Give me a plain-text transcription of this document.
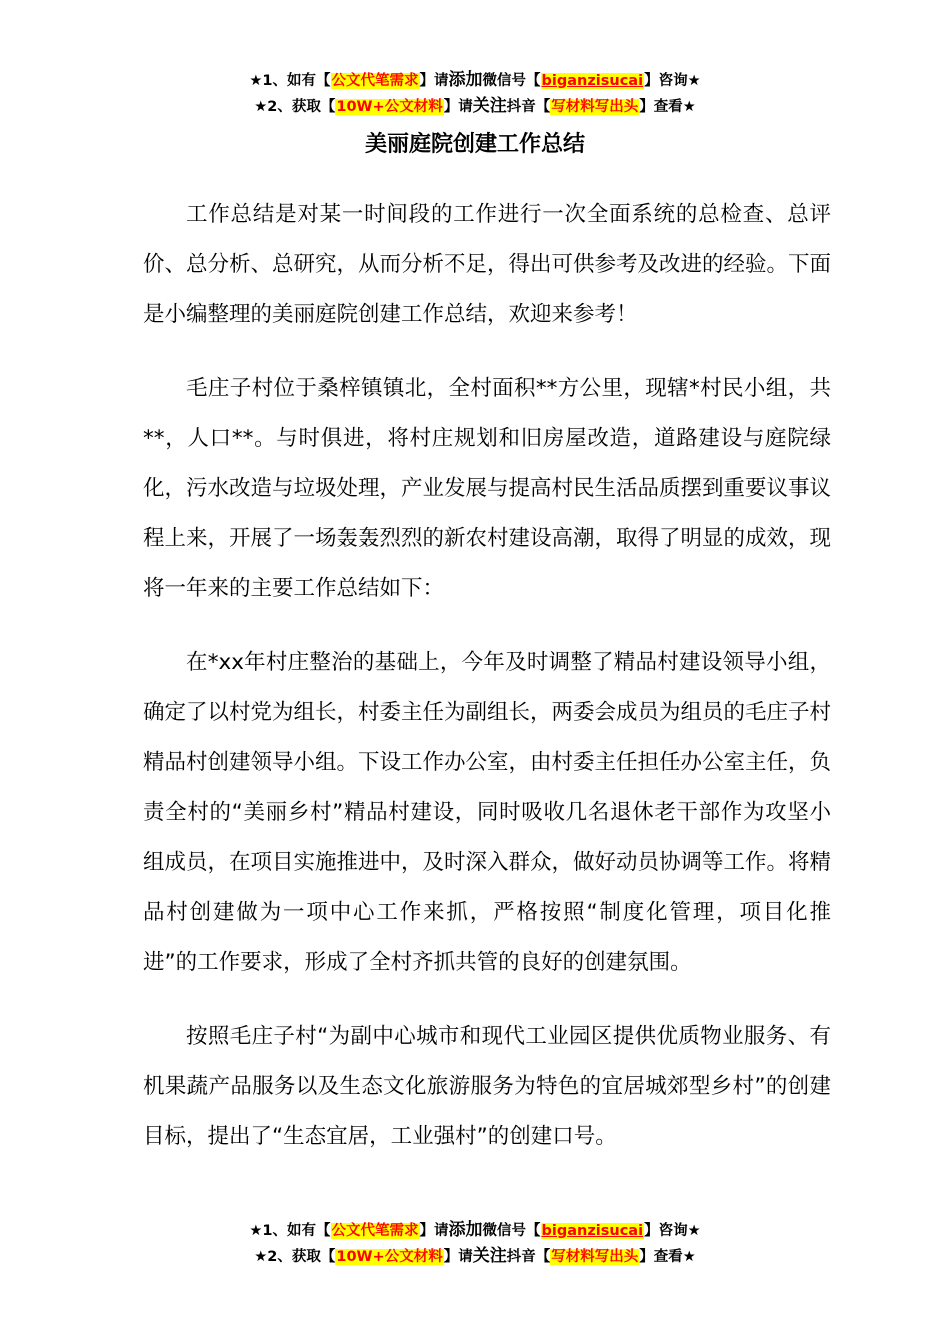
★1、如有【公文代笔需求】请添加微信号【biganzisucai】咨询★
★2、获取【10W+公文材料】请关注抖音【写材料写出头】查看★
美丽庭院创建工作总结

工作总结是对某一时间段的工作进行一次全面系统的总检查、总评价、总分析、总研究，从而分析不足，得出可供参考及改进的经验。下面是小编整理的美丽庭院创建工作总结，欢迎来参考！

毛庄子村位于桑梓镇镇北，全村面积**方公里，现辖*村民小组，共**，人口**。与时俱进，将村庄规划和旧房屋改造，道路建设与庭院绿化，污水改造与垃圾处理，产业发展与提高村民生活品质摆到重要议事议程上来，开展了一场轰轰烈烈的新农村建设高潮，取得了明显的成效，现将一年来的主要工作总结如下：

在*xx年村庄整治的基础上，今年及时调整了精品村建设领导小组，确定了以村党为组长，村委主任为副组长，两委会成员为组员的毛庄子村精品村创建领导小组。下设工作办公室，由村委主任担任办公室主任，负责全村的“美丽乡村”精品村建设，同时吸收几名退休老干部作为攻坚小组成员，在项目实施推进中，及时深入群众，做好动员协调等工作。将精品村创建做为一项中心工作来抓，严格按照“制度化管理，项目化推进”的工作要求，形成了全村齐抓共管的良好的创建氛围。

按照毛庄子村“为副中心城市和现代工业园区提供优质物业服务、有机果蔬产品服务以及生态文化旅游服务为特色的宜居城郊型乡村”的创建目标，提出了“生态宜居，工业强村”的创建口号。

★1、如有【公文代笔需求】请添加微信号【biganzisucai】咨询★
★2、获取【10W+公文材料】请关注抖音【写材料写出头】查看★
